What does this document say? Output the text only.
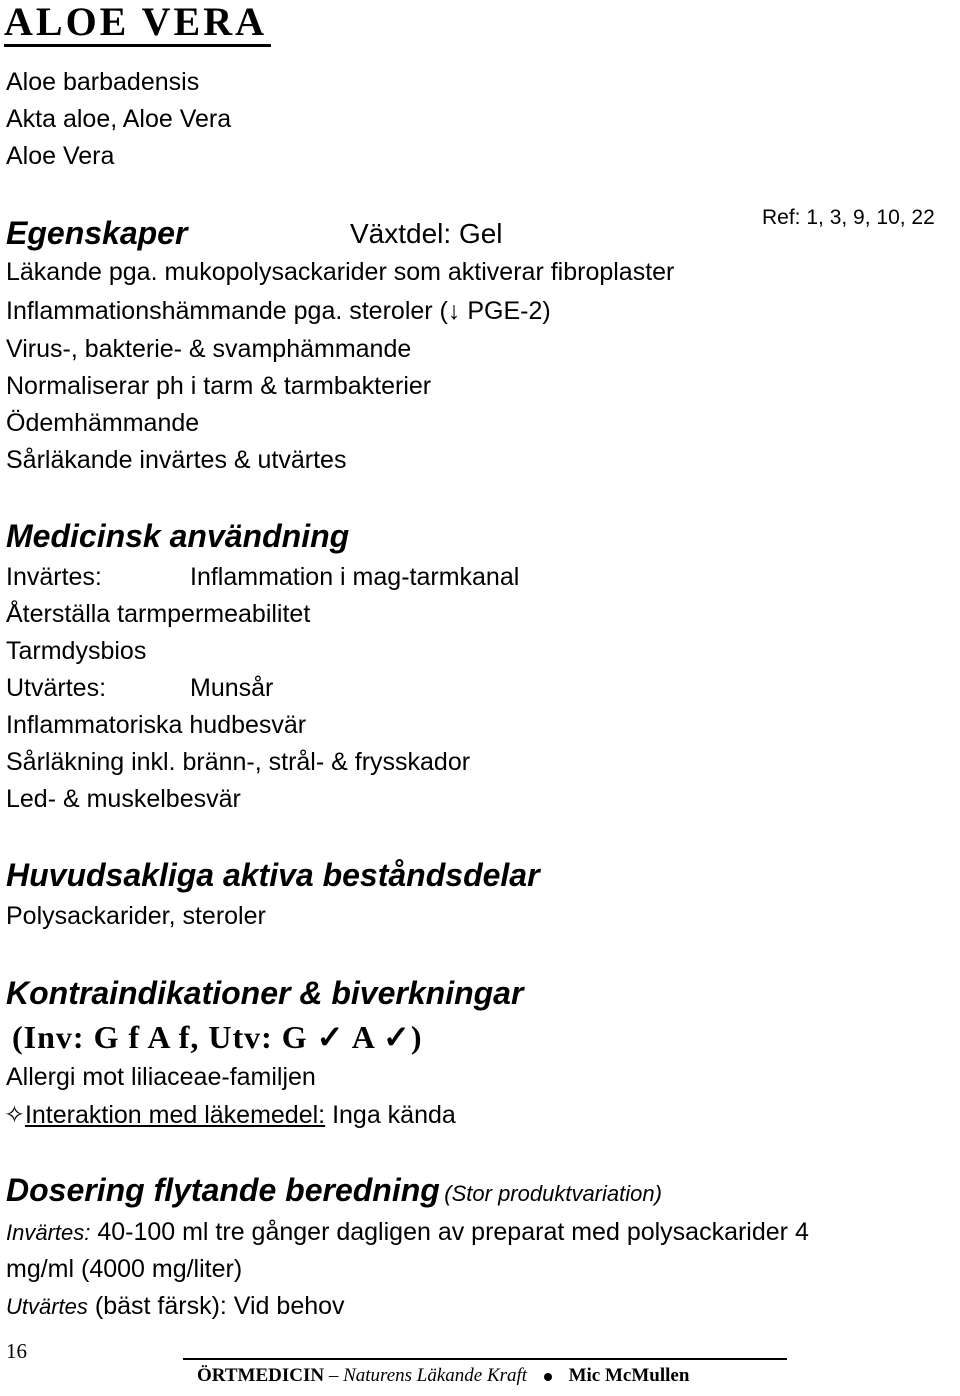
ALOE VERA
Aloe barbadensis
Akta aloe, Aloe Vera
Aloe Vera
Ref: 1, 3, 9, 10, 22
Egenskaper	Växtdel: Gel
Läkande pga. mukopolysackarider som aktiverar fibroplaster
Inflammationshämmande pga. steroler (↓ PGE-2)
Virus-, bakterie- & svamphämmande
Normaliserar ph i tarm & tarmbakterier
Ödemhämmande
Sårläkande invärtes & utvärtes
Medicinsk användning
Invärtes:	Inflammation i mag-tarmkanal
Återställa tarmpermeabilitet
Tarmdysbios
Utvärtes:	Munsår
Inflammatoriska hudbesvär
Sårläkning inkl. bränn-, strål- & frysskador
Led- & muskelbesvär
Huvudsakliga aktiva beståndsdelar
Polysackarider, steroler
Kontraindikationer & biverkningar
(Inv: G f A f, Utv: G ✓ A ✓)
Allergi mot liliaceae-familjen
✧Interaktion med läkemedel: Inga kända
Dosering flytande beredning (Stor produktvariation)
Invärtes: 40-100 ml tre gånger dagligen av preparat med polysackarider 4
mg/ml (4000 mg/liter)
Utvärtes (bäst färsk): Vid behov
16
ÖRTMEDICIN – Naturens Läkande Kraft Mic McMullen
